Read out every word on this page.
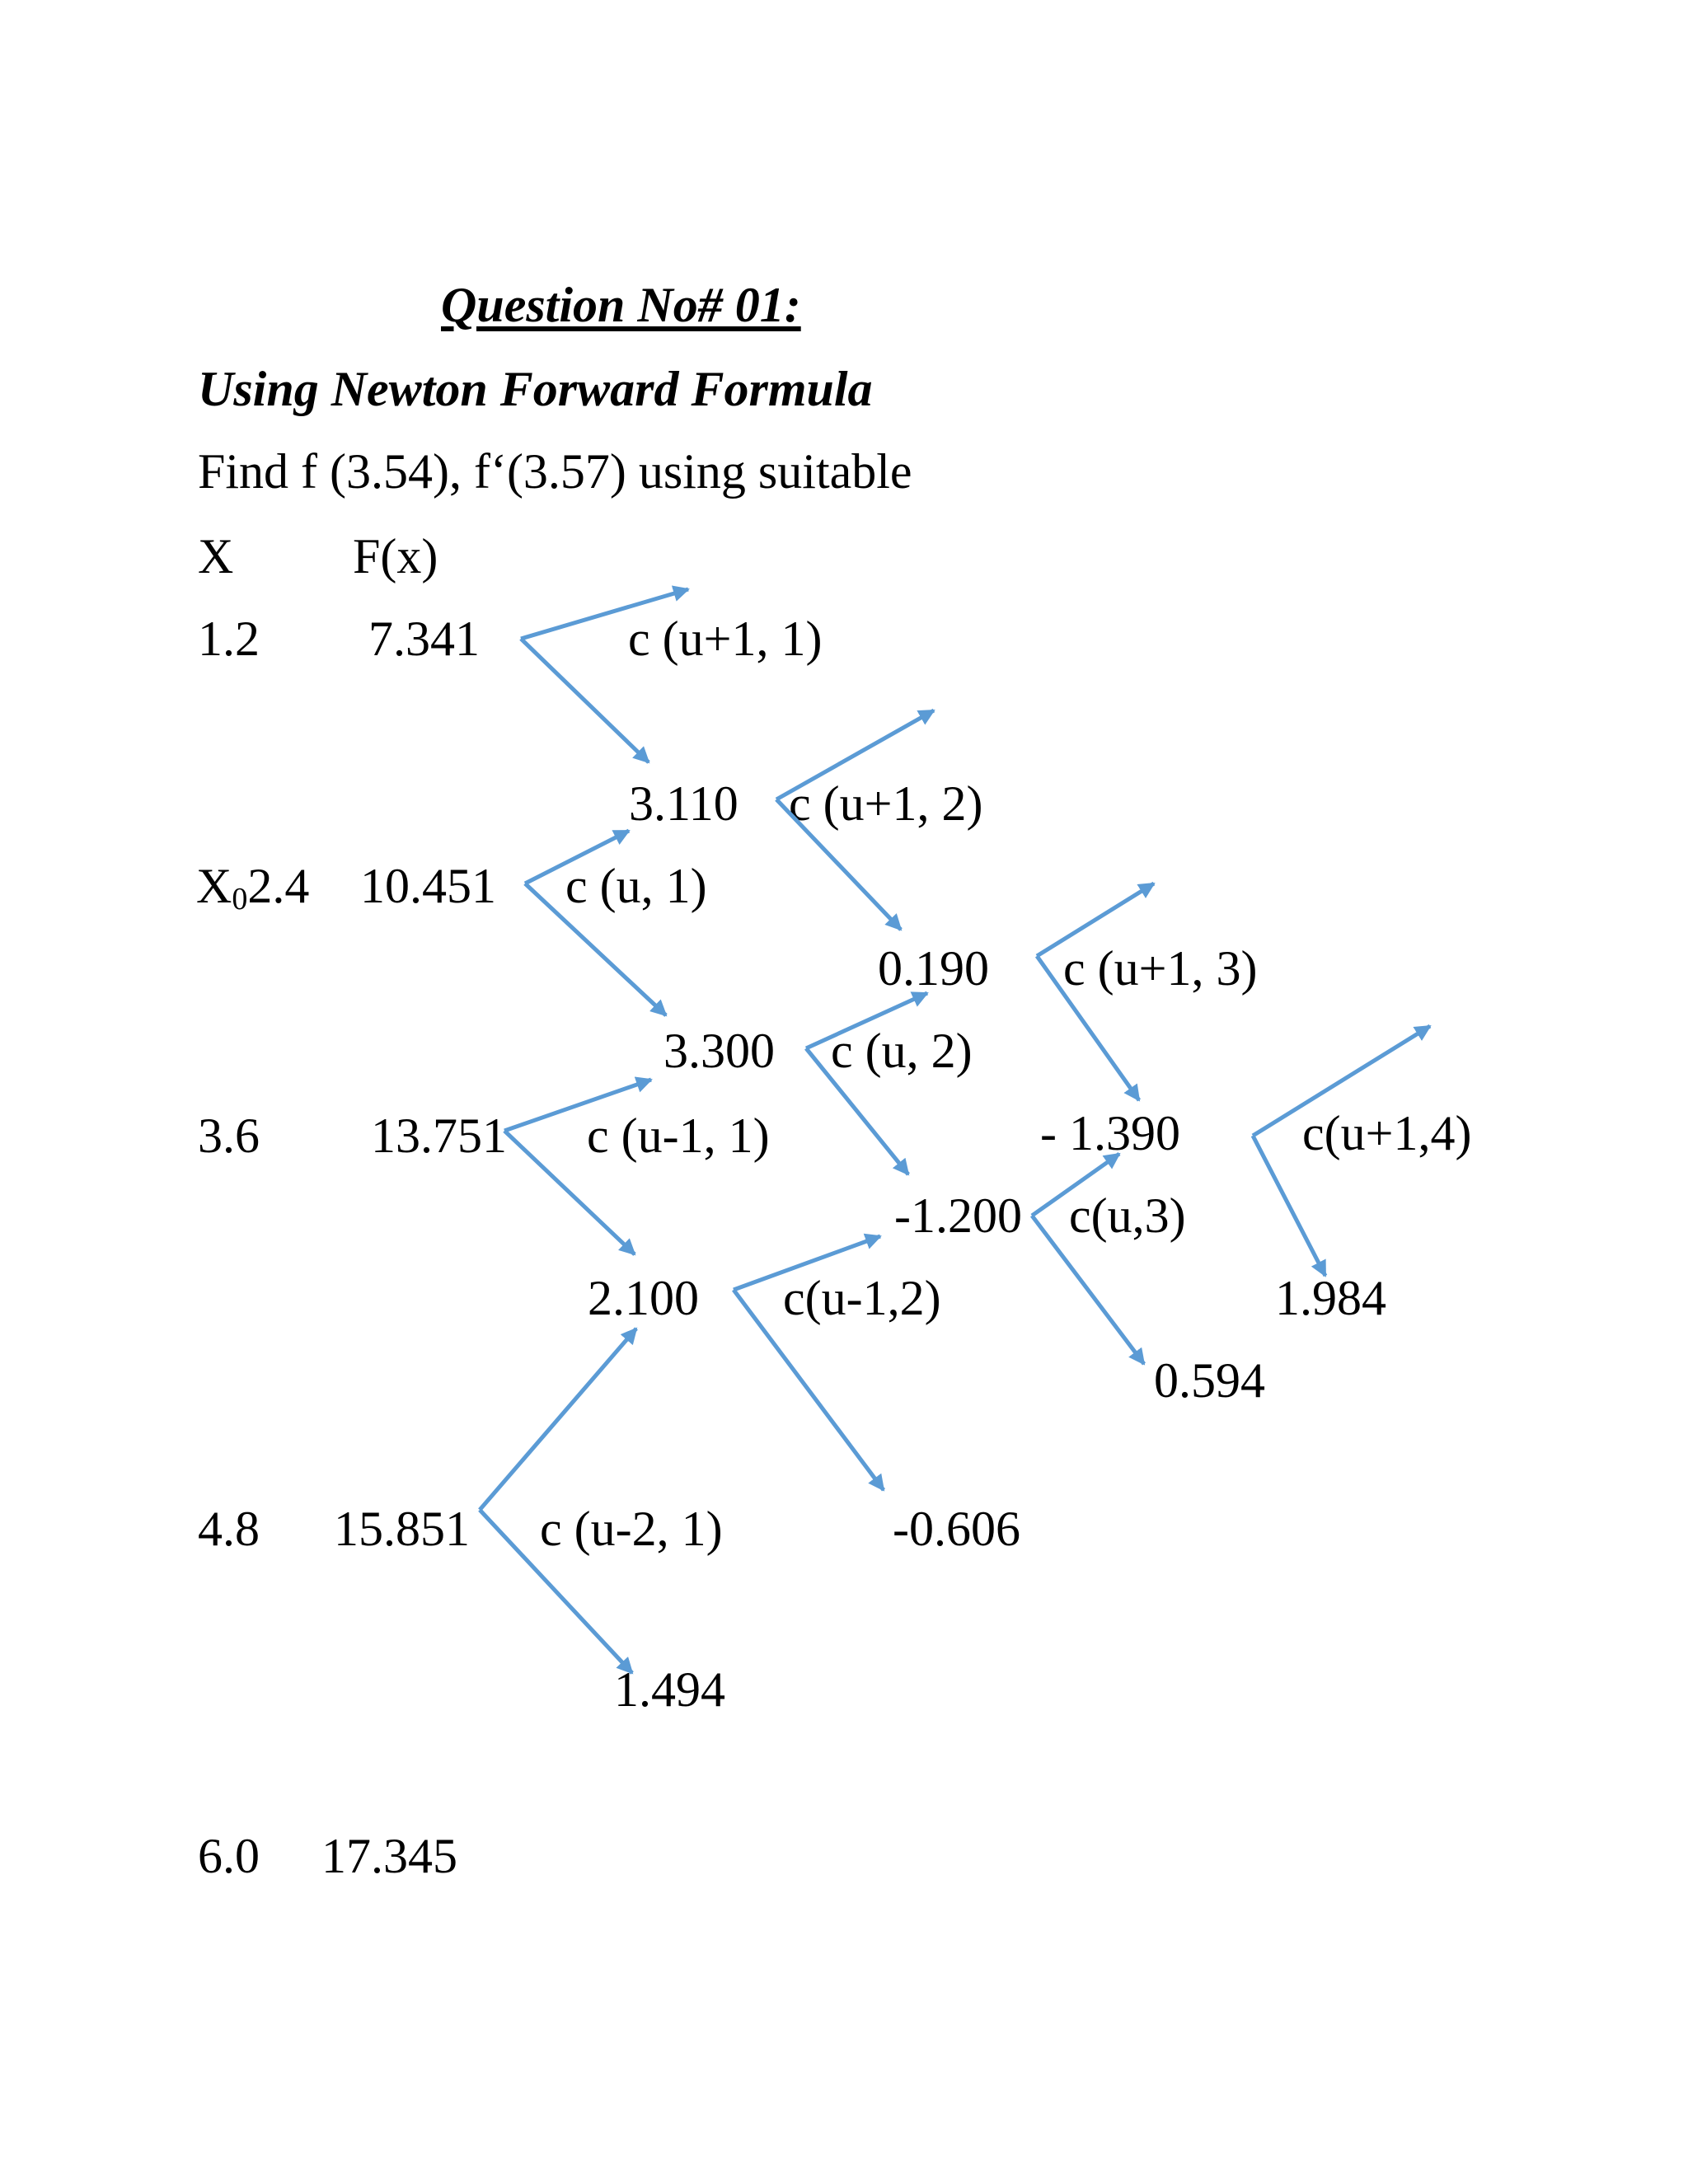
Question No# 01:
Using Newton Forward Formula
Find f (3.54), f‘(3.57) using suitable
X F(x)
1.2
$X_02.4$
3.6
4.8
6.0
7.341
10.451
13.751
15.851
17.345
3.110
3.300
2.100
1.494
0.190
-1.200
-0.606
- 1.390
0.594
1.984
c (u+1, 1)
c (u+1, 2)
c (u, 1)
c (u+1, 3)
c (u, 2)
c (u-1, 1)	c(u+1,4)
c(u,3)
c(u-1,2)
c (u-2, 1)
